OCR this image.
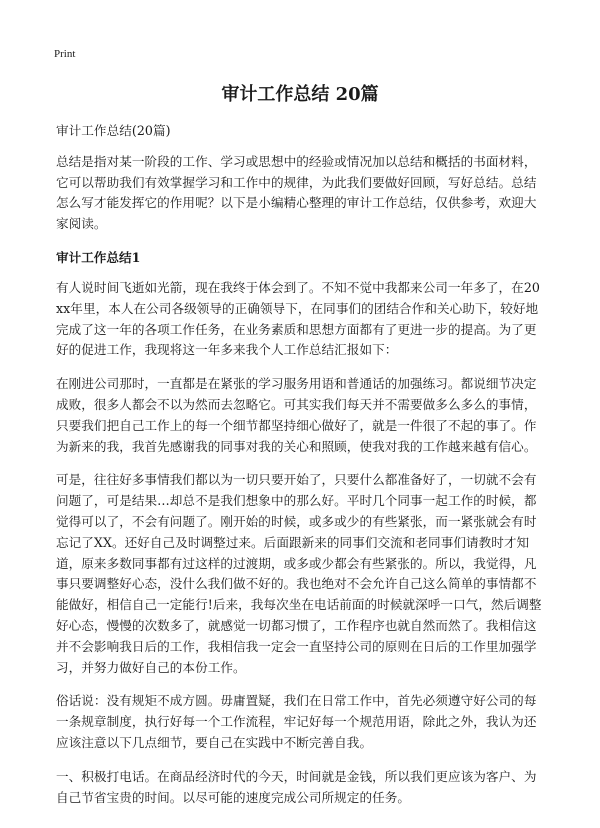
Print
审计工作总结 20篇

审计工作总结(20篇)

总结是指对某一阶段的工作、学习或思想中的经验或情况加以总结和概括的书面材料，它可以帮助我们有效掌握学习和工作中的规律，为此我们要做好回顾，写好总结。总结怎么写才能发挥它的作用呢？以下是小编精心整理的审计工作总结，仅供参考，欢迎大家阅读。

审计工作总结1

有人说时间飞逝如光箭，现在我终于体会到了。不知不觉中我都来公司一年多了，在20xx年里，本人在公司各级领导的正确领导下，在同事们的团结合作和关心助下，较好地完成了这一年的各项工作任务，在业务素质和思想方面都有了更进一步的提高。为了更好的促进工作，我现将这一年多来我个人工作总结汇报如下：

在刚进公司那时，一直都是在紧张的学习服务用语和普通话的加强练习。都说细节决定成败，很多人都会不以为然而去忽略它。可其实我们每天并不需要做多么多么的事情，只要我们把自己工作上的每一个细节都坚持细心做好了，就是一件很了不起的事了。作为新来的我，我首先感谢我的同事对我的关心和照顾，使我对我的工作越来越有信心。

可是，往往好多事情我们都以为一切只要开始了，只要什么都准备好了，一切就不会有问题了，可是结果…却总不是我们想象中的那么好。平时几个同事一起工作的时候，都觉得可以了，不会有问题了。刚开始的时候，或多或少的有些紧张，而一紧张就会有时忘记了XX。还好自己及时调整过来。后面跟新来的同事们交流和老同事们请教时才知道，原来多数同事都有过这样的过渡期，或多或少都会有些紧张的。所以，我觉得，凡事只要调整好心态，没什么我们做不好的。我也绝对不会允许自己这么简单的事情都不能做好，相信自己一定能行!后来，我每次坐在电话前面的时候就深呼一口气，然后调整好心态，慢慢的次数多了，就感觉一切都习惯了，工作程序也就自然而然了。我相信这并不会影响我日后的工作，我相信我一定会一直坚持公司的原则在日后的工作里加强学习，并努力做好自己的本份工作。

俗话说：没有规矩不成方圆。毋庸置疑，我们在日常工作中，首先必须遵守好公司的每一条规章制度，执行好每一个工作流程，牢记好每一个规范用语，除此之外，我认为还应该注意以下几点细节，要自己在实践中不断完善自我。

一、积极打电话。在商品经济时代的今天，时间就是金钱，所以我们更应该为客户、为自己节省宝贵的时间。以尽可能的速度完成公司所规定的任务。
